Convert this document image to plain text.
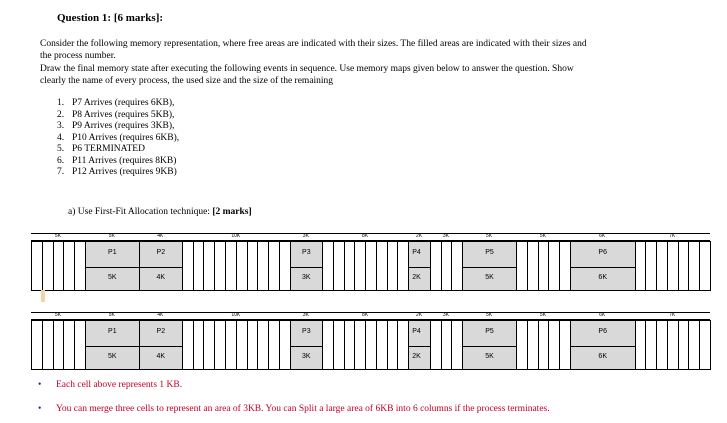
Question 1: [6 marks]:

Consider the following memory representation, where free areas are indicated with their sizes. The filled areas are indicated with their sizes and
the process number.

Draw the final memory state after executing the following events in sequence. Use memory maps given below to answer the question. Show
clearly the name of every process, the used size and the size of the remaining

1. P7 Arrives (requires 6KB),
2. P8 Arrives (requires 5KB),
3. P9 Arrives (requires 3KB),
4. P10 Arrives (requires 6KB),
5. P6 TERMINATED
6. P11 Arrives (requires 8KB)
7. P12 Arrives (requires 9KB)
a) Use First-Fit Allocation technique: [2 marks]
5K	5K	4K	10K	3K	8K	2K	3K	5K	5K	6K	7K
P1
5K
P2
4K
P3
3K
P4
2K
P5
5K
P6
6K
5K	5K	4K	10K	3K	8K	2K	3K	5K	5K	6K	7K
P1
5K
P2
4K
P3
3K
P4
2K
P5
5K
P6
6K
• Each cell above represents 1 KB.
• You can merge three cells to represent an area of 3KB. You can Split a large area of 6KB into 6 columns if the process terminates.
